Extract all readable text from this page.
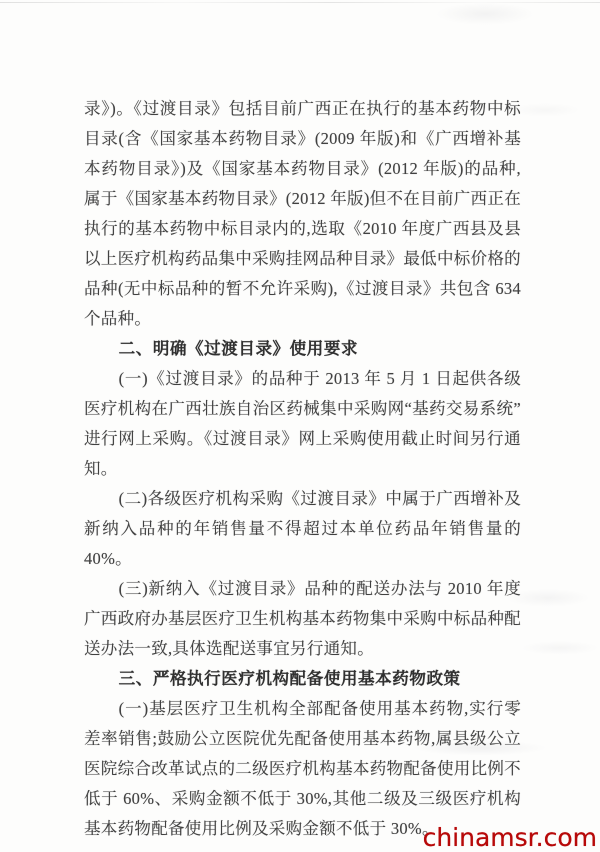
录》)。《过渡目录》包括目前广西正在执行的基本药物中标目录(含《国家基本药物目录》(2009 年版)和《广西增补基本药物目录》)及《国家基本药物目录》(2012 年版)的品种,属于《国家基本药物目录》(2012 年版)但不在目前广西正在执行的基本药物中标目录内的,选取《2010 年度广西县及县以上医疗机构药品集中采购挂网品种目录》最低中标价格的品种(无中标品种的暂不允许采购),《过渡目录》共包含 634 个品种。

二、明确《过渡目录》使用要求

(一)《过渡目录》的品种于 2013 年 5 月 1 日起供各级医疗机构在广西壮族自治区药械集中采购网“基药交易系统”进行网上采购。《过渡目录》网上采购使用截止时间另行通知。

(二)各级医疗机构采购《过渡目录》中属于广西增补及新纳入品种的年销售量不得超过本单位药品年销售量的 40%。

(三)新纳入《过渡目录》品种的配送办法与 2010 年度广西政府办基层医疗卫生机构基本药物集中采购中标品种配送办法一致,具体选配送事宜另行通知。

三、严格执行医疗机构配备使用基本药物政策

(一)基层医疗卫生机构全部配备使用基本药物,实行零差率销售;鼓励公立医院优先配备使用基本药物,属县级公立医院综合改革试点的二级医疗机构基本药物配备使用比例不低于 60%、采购金额不低于 30%,其他二级及三级医疗机构基本药物配备使用比例及采购金额不低于 30%。

chinamsr.com
